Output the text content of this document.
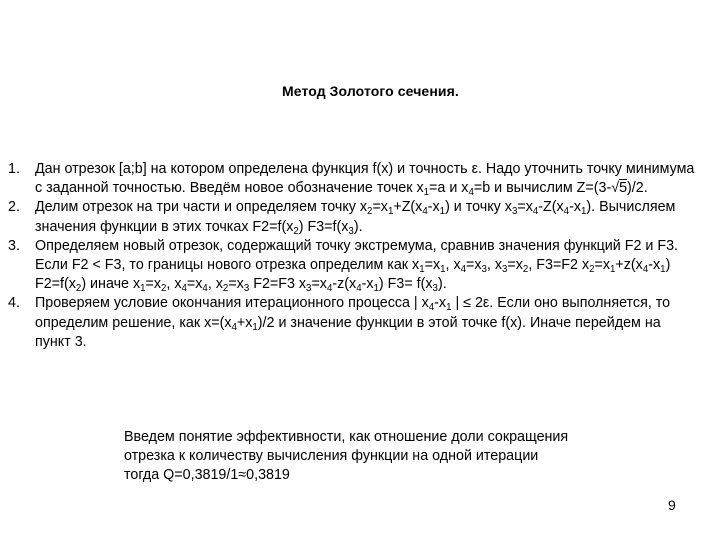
Метод Золотого сечения.
1. Дан отрезок [a;b] на котором определена функция f(x) и точность ε. Надо уточнить точку минимума с заданной точностью. Введём новое обозначение точек $x_1=a$ и $x_4=b$ и вычислим Z=(3-√5)/2.
2. Делим отрезок на три части и определяем точку $x_2=x_1+Z(x_4-x_1)$ и точку $x_3=x_4-Z(x_4-x_1)$. Вычисляем значения функции в этих точках $F2=f(x_2)$ $F3=f(x_3)$.
3. Определяем новый отрезок, содержащий точку экстремума, сравнив значения функций F2 и F3. Если F2 < F3, то границы нового отрезка определим как $x_1=x_1$, $x_4=x_3$, $x_3=x_2$, F3=F2 $x_2=x_1+z(x_4-x_1)$ $F2=f(x_2)$ иначе $x_1=x_2$, $x_4=x_4$, $x_2=x_3$ F2=F3 $x_3=x_4-z(x_4-x_1)$ $F3= f(x_3)$.
4. Проверяем условие окончания итерационного процесса | $x_4-x_1$ | ≤ 2ε. Если оно выполняется, то определим решение, как $x=(x_4+x_1)/2$ и значение функции в этой точке f(x). Иначе перейдем на пункт 3.
Введем понятие эффективности, как отношение доли сокращения
отрезка к количеству вычисления функции на одной итерации
тогда Q=0,3819/1≈0,3819
9
